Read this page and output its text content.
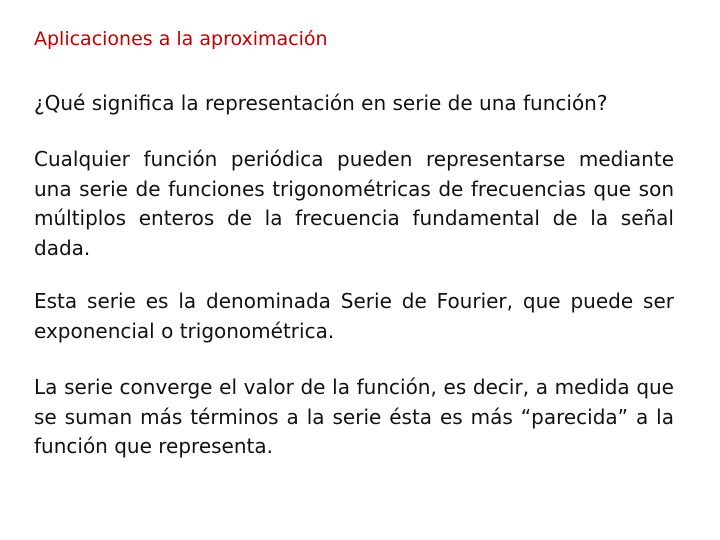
Aplicaciones a la aproximación
¿Qué significa la representación en serie de una función?
Cualquier función periódica pueden representarse mediante una serie de funciones trigonométricas de frecuencias que son múltiplos enteros de la frecuencia fundamental de la señal dada.
Esta serie es la denominada Serie de Fourier, que puede ser exponencial o trigonométrica.
La serie converge el valor de la función, es decir, a medida que se suman más términos a la serie ésta es más “parecida” a la función que representa.
